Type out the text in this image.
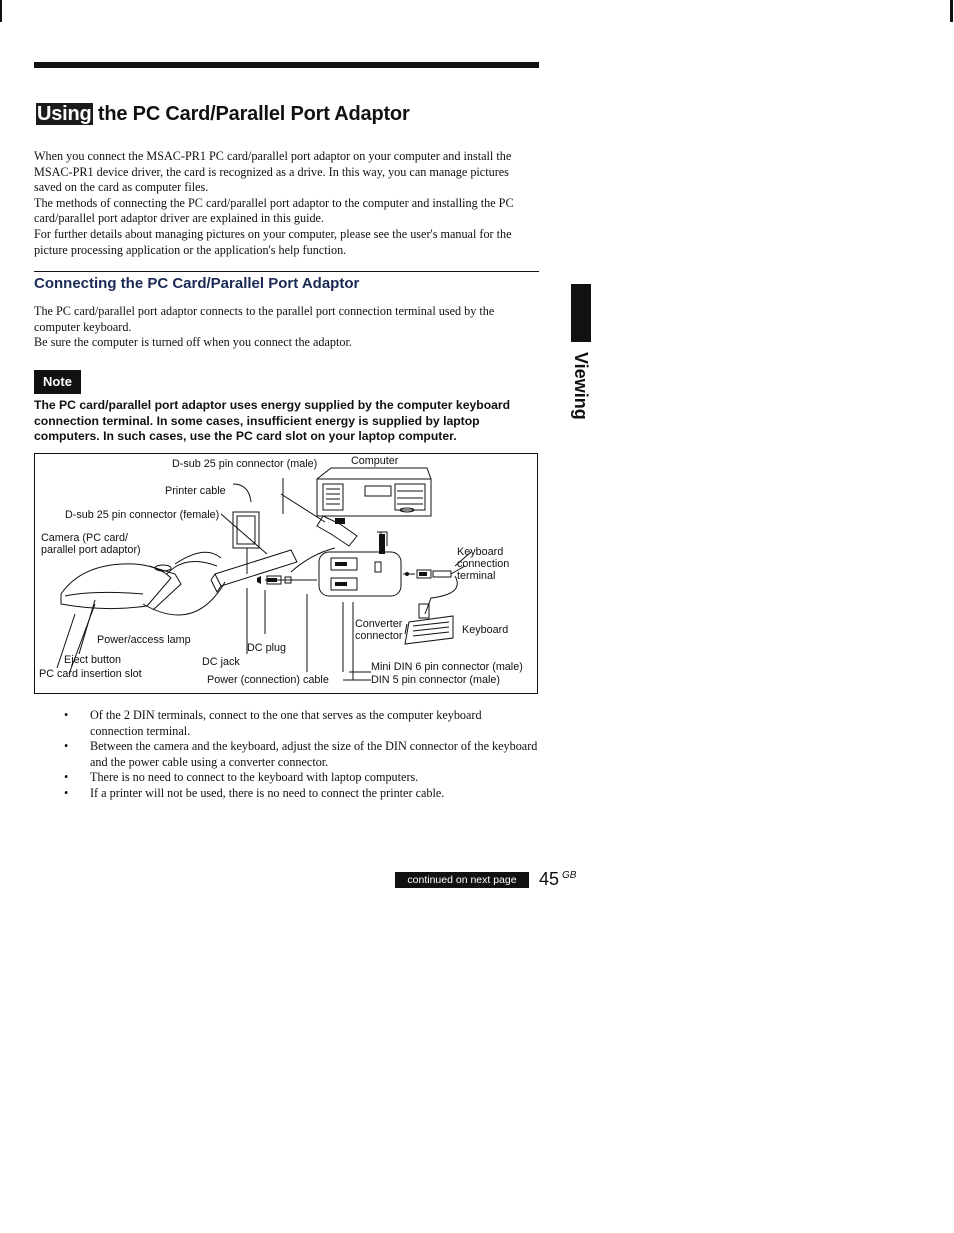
Using the PC Card/Parallel Port Adaptor

When you connect the MSAC-PR1 PC card/parallel port adaptor on your computer and install the MSAC-PR1 device driver, the card is recognized as a drive. In this way, you can manage pictures saved on the card as computer files.

The methods of connecting the PC card/parallel port adaptor to the computer and installing the PC card/parallel port adaptor driver are explained in this guide.

For further details about managing pictures on your computer, please see the user's manual for the picture processing application or the application's help function.

Connecting the PC Card/Parallel Port Adaptor

The PC card/parallel port adaptor connects to the parallel port connection terminal used by the computer keyboard.

Be sure the computer is turned off when you connect the adaptor.

Note
The PC card/parallel port adaptor uses energy supplied by the computer keyboard connection terminal. In some cases, insufficient energy is supplied by laptop computers. In such cases, use the PC card slot on your laptop computer.
D-sub 25 pin connector (male)	Computer
Printer cable
D-sub 25 pin connector (female)
Camera (PC card/ parallel port adaptor)	Keyboard connection terminal
Converter connector	Keyboard
Power/access lamp
DC plug
Eject button	DC jack
PC card insertion slot	Power (connection) cable
Mini DIN 6 pin connector (male)
DIN 5 pin connector (male)
•	Of the 2 DIN terminals, connect to the one that serves as the computer keyboard connection terminal.
•	Between the camera and the keyboard, adjust the size of the DIN connector of the keyboard and the power cable using a converter connector.
•	There is no need to connect to the keyboard with laptop computers.
•	If a printer will not be used, there is no need to connect the printer cable.
Viewing
continued on next page	45 $^{GB}$
